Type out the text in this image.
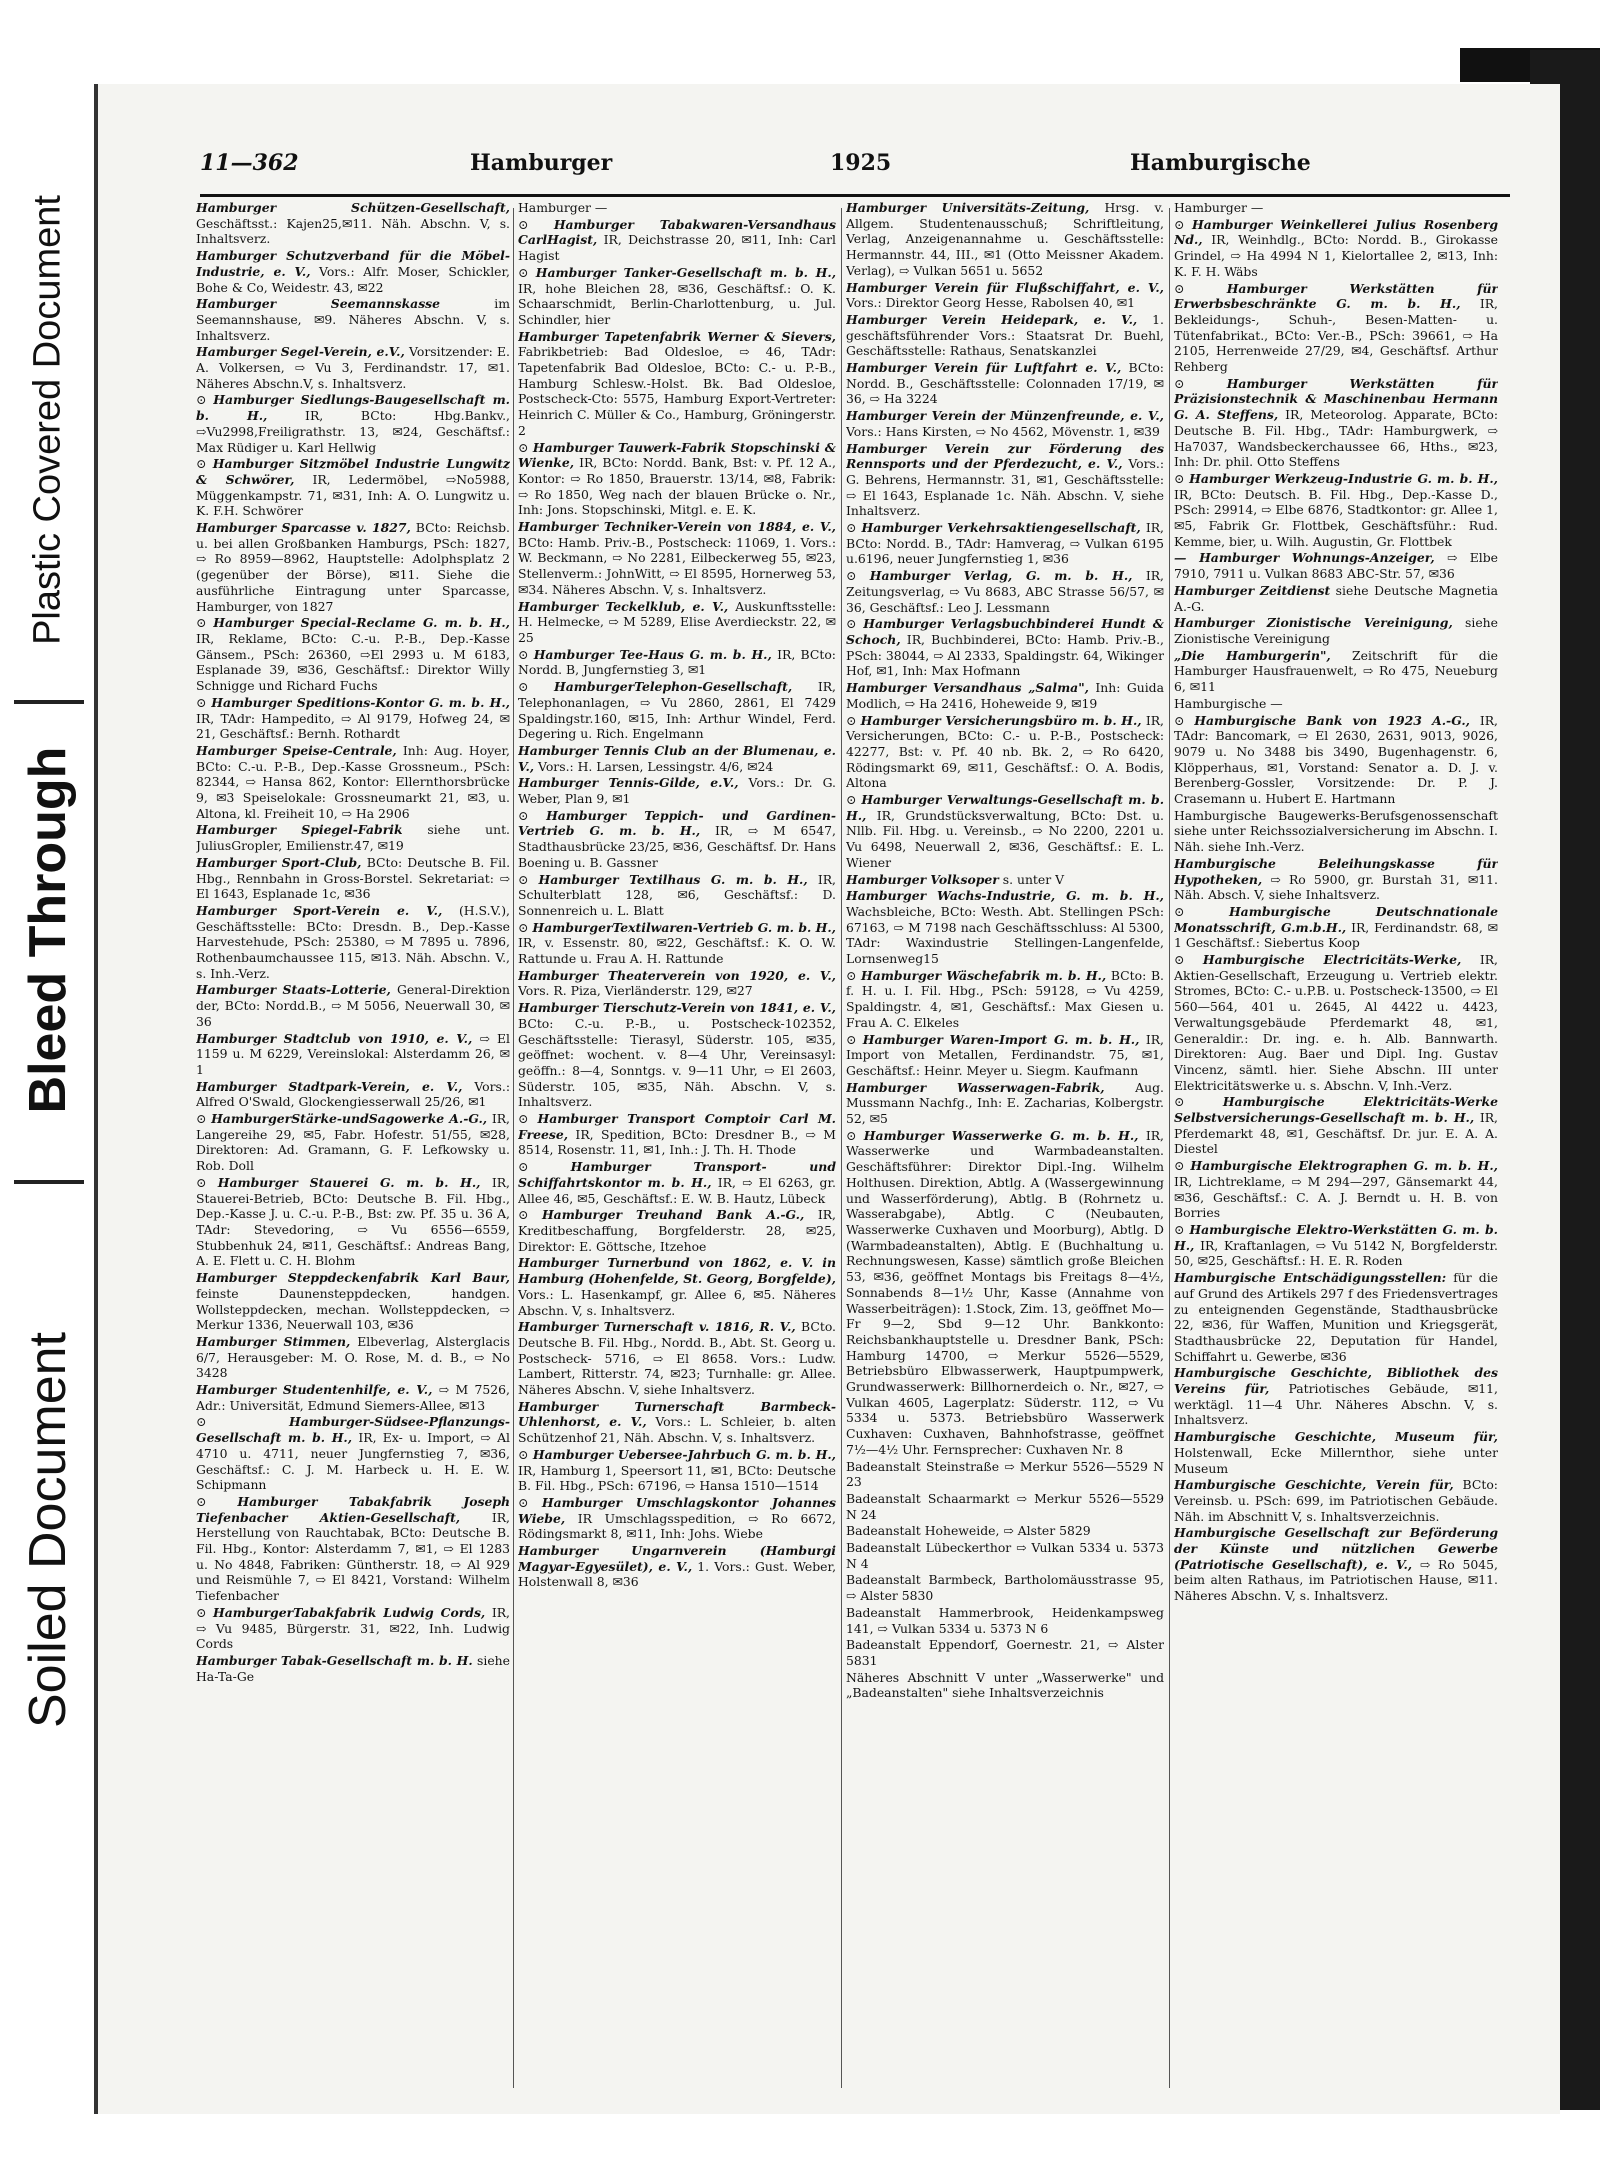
Plastic Covered Document
Bleed Through
Soiled Document
11—362	Hamburger	1925	Hamburgische
Hamburger Schützen-Gesellschaft, Geschäftsst.: Kajen25,✉11. Näh. Abschn. V, s. Inhaltsverz.
Hamburger Schutzverband für die Möbel-Industrie, e. V., Vors.: Alfr. Moser, Schickler, Bohe & Co, Weidestr. 43, ✉22
Hamburger Seemannskasse im Seemannshause, ✉9. Näheres Abschn. V, s. Inhaltsverz.
Hamburger Segel-Verein, e.V., Vorsitzender: E. A. Volkersen, ⇨ Vu 3, Ferdinandstr. 17, ✉1. Näheres Abschn.V, s. Inhaltsverz.
⊙ Hamburger Siedlungs-Baugesellschaft m. b. H., IR, BCto: Hbg.Bankv., ⇨Vu2998,Freiligrathstr. 13, ✉24, Geschäftsf.: Max Rüdiger u. Karl Hellwig
⊙ Hamburger Sitzmöbel Industrie Lungwitz & Schwörer, IR, Ledermöbel, ⇨No5988, Müggenkampstr. 71, ✉31, Inh: A. O. Lungwitz u. K. F.H. Schwörer
Hamburger Sparcasse v. 1827, BCto: Reichsb. u. bei allen Großbanken Hamburgs, PSch: 1827, ⇨ Ro 8959—8962, Hauptstelle: Adolphsplatz 2 (gegenüber der Börse), ✉11. Siehe die ausführliche Eintragung unter Sparcasse, Hamburger, von 1827
⊙ Hamburger Special-Reclame G. m. b. H., IR, Reklame, BCto: C.-u. P.-B., Dep.-Kasse Gänsem., PSch: 26360, ⇨El 2993 u. M 6183, Esplanade 39, ✉36, Geschäftsf.: Direktor Willy Schnigge und Richard Fuchs
⊙ Hamburger Speditions-Kontor G. m. b. H., IR, TAdr: Hampedito, ⇨ Al 9179, Hofweg 24, ✉21, Geschäftsf.: Bernh. Rothardt
Hamburger Speise-Centrale, Inh: Aug. Hoyer, BCto: C.-u. P.-B., Dep.-Kasse Grossneum., PSch: 82344, ⇨ Hansa 862, Kontor: Ellernthorsbrücke 9, ✉3 Speiselokale: Grossneumarkt 21, ✉3, u. Altona, kl. Freiheit 10, ⇨ Ha 2906
Hamburger Spiegel-Fabrik siehe unt. JuliusGropler, Emilienstr.47, ✉19
Hamburger Sport-Club, BCto: Deutsche B. Fil. Hbg., Rennbahn in Gross-Borstel. Sekretariat: ⇨ El 1643, Esplanade 1c, ✉36
Hamburger Sport-Verein e. V., (H.S.V.), Geschäftsstelle: BCto: Dresdn. B., Dep.-Kasse Harvestehude, PSch: 25380, ⇨ M 7895 u. 7896, Rothenbaumchaussee 115, ✉13. Näh. Abschn. V., s. Inh.-Verz.
Hamburger Staats-Lotterie, General-Direktion der, BCto: Nordd.B., ⇨ M 5056, Neuerwall 30, ✉36
Hamburger Stadtclub von 1910, e. V., ⇨ El 1159 u. M 6229, Vereinslokal: Alsterdamm 26, ✉1
Hamburger Stadtpark-Verein, e. V., Vors.: Alfred O'Swald, Glockengiesserwall 25/26, ✉1
⊙ HamburgerStärke-undSagowerke A.-G., IR, Langereihe 29, ✉5, Fabr. Hofestr. 51/55, ✉28, Direktoren: Ad. Gramann, G. F. Lefkowsky u. Rob. Doll
⊙ Hamburger Stauerei G. m. b. H., IR, Stauerei-Betrieb, BCto: Deutsche B. Fil. Hbg., Dep.-Kasse J. u. C.-u. P.-B., Bst: zw. Pf. 35 u. 36 A, TAdr: Stevedoring, ⇨ Vu 6556—6559, Stubbenhuk 24, ✉11, Geschäftsf.: Andreas Bang, A. E. Flett u. C. H. Blohm
Hamburger Steppdeckenfabrik Karl Baur, feinste Daunensteppdecken, handgen. Wollsteppdecken, mechan. Wollsteppdecken, ⇨ Merkur 1336, Neuerwall 103, ✉36
Hamburger Stimmen, Elbeverlag, Alsterglacis 6/7, Herausgeber: M. O. Rose, M. d. B., ⇨ No 3428
Hamburger Studentenhilfe, e. V., ⇨ M 7526, Adr.: Universität, Edmund Siemers-Allee, ✉13
⊙ Hamburger-Südsee-Pflanzungs-Gesellschaft m. b. H., IR, Ex- u. Import, ⇨ Al 4710 u. 4711, neuer Jungfernstieg 7, ✉36, Geschäftsf.: C. J. M. Harbeck u. H. E. W. Schipmann
⊙ Hamburger Tabakfabrik Joseph Tiefenbacher Aktien-Gesellschaft, IR, Herstellung von Rauchtabak, BCto: Deutsche B. Fil. Hbg., Kontor: Alsterdamm 7, ✉1, ⇨ El 1283 u. No 4848, Fabriken: Güntherstr. 18, ⇨ Al 929 und Reismühle 7, ⇨ El 8421, Vorstand: Wilhelm Tiefenbacher
⊙ HamburgerTabakfabrik Ludwig Cords, IR, ⇨ Vu 9485, Bürgerstr. 31, ✉22, Inh. Ludwig Cords
Hamburger Tabak-Gesellschaft m. b. H. siehe Ha-Ta-Ge
Hamburger —
⊙ Hamburger Tabakwaren-Versandhaus CarlHagist, IR, Deichstrasse 20, ✉11, Inh: Carl Hagist
⊙ Hamburger Tanker-Gesellschaft m. b. H., IR, hohe Bleichen 28, ✉36, Geschäftsf.: O. K. Schaarschmidt, Berlin-Charlottenburg, u. Jul. Schindler, hier
Hamburger Tapetenfabrik Werner & Sievers, Fabrikbetrieb: Bad Oldesloe, ⇨ 46, TAdr: Tapetenfabrik Bad Oldesloe, BCto: C.- u. P.-B., Hamburg Schlesw.-Holst. Bk. Bad Oldesloe, Postscheck-Cto: 5575, Hamburg Export-Vertreter: Heinrich C. Müller & Co., Hamburg, Gröningerstr. 2
⊙ Hamburger Tauwerk-Fabrik Stopschinski & Wienke, IR, BCto: Nordd. Bank, Bst: v. Pf. 12 A., Kontor: ⇨ Ro 1850, Brauerstr. 13/14, ✉8, Fabrik: ⇨ Ro 1850, Weg nach der blauen Brücke o. Nr., Inh: Jons. Stopschinski, Mitgl. e. E. K.
Hamburger Techniker-Verein von 1884, e. V., BCto: Hamb. Priv.-B., Postscheck: 11069, 1. Vors.: W. Beckmann, ⇨ No 2281, Eilbeckerweg 55, ✉23, Stellenverm.: JohnWitt, ⇨ El 8595, Hornerweg 53, ✉34. Näheres Abschn. V, s. Inhaltsverz.
Hamburger Teckelklub, e. V., Auskunftsstelle: H. Helmecke, ⇨ M 5289, Elise Averdieckstr. 22, ✉25
⊙ Hamburger Tee-Haus G. m. b. H., IR, BCto: Nordd. B, Jungfernstieg 3, ✉1
⊙ HamburgerTelephon-Gesellschaft, IR, Telephonanlagen, ⇨ Vu 2860, 2861, El 7429 Spaldingstr.160, ✉15, Inh: Arthur Windel, Ferd. Degering u. Rich. Engelmann
Hamburger Tennis Club an der Blumenau, e. V., Vors.: H. Larsen, Lessingstr. 4/6, ✉24
Hamburger Tennis-Gilde, e.V., Vors.: Dr. G. Weber, Plan 9, ✉1
⊙ Hamburger Teppich- und Gardinen-Vertrieb G. m. b. H., IR, ⇨ M 6547, Stadthausbrücke 23/25, ✉36, Geschäftsf. Dr. Hans Boening u. B. Gassner
⊙ Hamburger Textilhaus G. m. b. H., IR, Schulterblatt 128, ✉6, Geschäftsf.: D. Sonnenreich u. L. Blatt
⊙ HamburgerTextilwaren-Vertrieb G. m. b. H., IR, v. Essenstr. 80, ✉22, Geschäftsf.: K. O. W. Rattunde u. Frau A. H. Rattunde
Hamburger Theaterverein von 1920, e. V., Vors. R. Piza, Vierländerstr. 129, ✉27
Hamburger Tierschutz-Verein von 1841, e. V., BCto: C.-u. P.-B., u. Postscheck-102352, Geschäftsstelle: Tierasyl, Süderstr. 105, ✉35, geöffnet: wochent. v. 8—4 Uhr, Vereinsasyl: geöffn.: 8—4, Sonntgs. v. 9—11 Uhr, ⇨ El 2603, Süderstr. 105, ✉35, Näh. Abschn. V, s. Inhaltsverz.
⊙ Hamburger Transport Comptoir Carl M. Freese, IR, Spedition, BCto: Dresdner B., ⇨ M 8514, Rosenstr. 11, ✉1, Inh.: J. Th. H. Thode
⊙ Hamburger Transport- und Schiffahrtskontor m. b. H., IR, ⇨ El 6263, gr. Allee 46, ✉5, Geschäftsf.: E. W. B. Hautz, Lübeck
⊙ Hamburger Treuhand Bank A.-G., IR, Kreditbeschaffung, Borgfelderstr. 28, ✉25, Direktor: E. Göttsche, Itzehoe
Hamburger Turnerbund von 1862, e. V. in Hamburg (Hohenfelde, St. Georg, Borgfelde), Vors.: L. Hasenkampf, gr. Allee 6, ✉5. Näheres Abschn. V, s. Inhaltsverz.
Hamburger Turnerschaft v. 1816, R. V., BCto. Deutsche B. Fil. Hbg., Nordd. B., Abt. St. Georg u. Postscheck- 5716, ⇨ El 8658. Vors.: Ludw. Lambert, Ritterstr. 74, ✉23; Turnhalle: gr. Allee. Näheres Abschn. V, siehe Inhaltsverz.
Hamburger Turnerschaft Barmbeck-Uhlenhorst, e. V., Vors.: L. Schleier, b. alten Schützenhof 21, Näh. Abschn. V, s. Inhaltsverz.
⊙ Hamburger Uebersee-Jahrbuch G. m. b. H., IR, Hamburg 1, Speersort 11, ✉1, BCto: Deutsche B. Fil. Hbg., PSch: 67196, ⇨ Hansa 1510—1514
⊙ Hamburger Umschlagskontor Johannes Wiebe, IR Umschlagsspedition, ⇨ Ro 6672, Rödingsmarkt 8, ✉11, Inh: Johs. Wiebe
Hamburger Ungarnverein (Hamburgi Magyar-Egyesület), e. V., 1. Vors.: Gust. Weber, Holstenwall 8, ✉36
Hamburger Universitäts-Zeitung, Hrsg. v. Allgem. Studentenausschuß; Schriftleitung, Verlag, Anzeigenannahme u. Geschäftsstelle: Hermannstr. 44, III., ✉1 (Otto Meissner Akadem. Verlag), ⇨ Vulkan 5651 u. 5652
Hamburger Verein für Flußschiffahrt, e. V., Vors.: Direktor Georg Hesse, Rabolsen 40, ✉1
Hamburger Verein Heidepark, e. V., 1. geschäftsführender Vors.: Staatsrat Dr. Buehl, Geschäftsstelle: Rathaus, Senatskanzlei
Hamburger Verein für Luftfahrt e. V., BCto: Nordd. B., Geschäftsstelle: Colonnaden 17/19, ✉36, ⇨ Ha 3224
Hamburger Verein der Münzenfreunde, e. V., Vors.: Hans Kirsten, ⇨ No 4562, Mövenstr. 1, ✉39
Hamburger Verein zur Förderung des Rennsports und der Pferdezucht, e. V., Vors.: G. Behrens, Hermannstr. 31, ✉1, Geschäftsstelle: ⇨ El 1643, Esplanade 1c. Näh. Abschn. V, siehe Inhaltsverz.
⊙ Hamburger Verkehrsaktiengesellschaft, IR, BCto: Nordd. B., TAdr: Hamverag, ⇨ Vulkan 6195 u.6196, neuer Jungfernstieg 1, ✉36
⊙ Hamburger Verlag, G. m. b. H., IR, Zeitungsverlag, ⇨ Vu 8683, ABC Strasse 56/57, ✉36, Geschäftsf.: Leo J. Lessmann
⊙ Hamburger Verlagsbuchbinderei Hundt & Schoch, IR, Buchbinderei, BCto: Hamb. Priv.-B., PSch: 38044, ⇨ Al 2333, Spaldingstr. 64, Wikinger Hof, ✉1, Inh: Max Hofmann
Hamburger Versandhaus „Salma", Inh: Guida Modlich, ⇨ Ha 2416, Hoheweide 9, ✉19
⊙ Hamburger Versicherungsbüro m. b. H., IR, Versicherungen, BCto: C.- u. P.-B., Postscheck: 42277, Bst: v. Pf. 40 nb. Bk. 2, ⇨ Ro 6420, Rödingsmarkt 69, ✉11, Geschäftsf.: O. A. Bodis, Altona
⊙ Hamburger Verwaltungs-Gesellschaft m. b. H., IR, Grundstücksverwaltung, BCto: Dst. u. Nllb. Fil. Hbg. u. Vereinsb., ⇨ No 2200, 2201 u. Vu 6498, Neuerwall 2, ✉36, Geschäftsf.: E. L. Wiener
Hamburger Volksoper s. unter V
Hamburger Wachs-Industrie, G. m. b. H., Wachsbleiche, BCto: Westh. Abt. Stellingen PSch: 67163, ⇨ M 7198 nach Geschäftsschluss: Al 5300, TAdr: Waxindustrie Stellingen-Langenfelde, Lornsenweg15
⊙ Hamburger Wäschefabrik m. b. H., BCto: B. f. H. u. I. Fil. Hbg., PSch: 59128, ⇨ Vu 4259, Spaldingstr. 4, ✉1, Geschäftsf.: Max Giesen u. Frau A. C. Elkeles
⊙ Hamburger Waren-Import G. m. b. H., IR, Import von Metallen, Ferdinandstr. 75, ✉1, Geschäftsf.: Heinr. Meyer u. Siegm. Kaufmann
Hamburger Wasserwagen-Fabrik, Aug. Mussmann Nachfg., Inh: E. Zacharias, Kolbergstr. 52, ✉5
⊙ Hamburger Wasserwerke G. m. b. H., IR, Wasserwerke und Warmbadeanstalten. Geschäftsführer: Direktor Dipl.-Ing. Wilhelm Holthusen. Direktion, Abtlg. A (Wassergewinnung und Wasserförderung), Abtlg. B (Rohrnetz u. Wasserabgabe), Abtlg. C (Neubauten, Wasserwerke Cuxhaven und Moorburg), Abtlg. D (Warmbadeanstalten), Abtlg. E (Buchhaltung u. Rechnungswesen, Kasse) sämtlich große Bleichen 53, ✉36, geöffnet Montags bis Freitags 8—4½, Sonnabends 8—1½ Uhr, Kasse (Annahme von Wasserbeiträgen): 1.Stock, Zim. 13, geöffnet Mo—Fr 9—2, Sbd 9—12 Uhr. Bankkonto: Reichsbankhauptstelle u. Dresdner Bank, PSch: Hamburg 14700, ⇨ Merkur 5526—5529, Betriebsbüro Elbwasserwerk, Hauptpumpwerk, Grundwasserwerk: Billhornerdeich o. Nr., ✉27, ⇨ Vulkan 4605, Lagerplatz: Süderstr. 112, ⇨ Vu 5334 u. 5373. Betriebsbüro Wasserwerk Cuxhaven: Cuxhaven, Bahnhofstrasse, geöffnet 7½—4½ Uhr. Fernsprecher: Cuxhaven Nr. 8
Badeanstalt Steinstraße ⇨ Merkur 5526—5529 N 23
Badeanstalt Schaarmarkt ⇨ Merkur 5526—5529 N 24
Badeanstalt Hoheweide, ⇨ Alster 5829
Badeanstalt Lübeckerthor ⇨ Vulkan 5334 u. 5373 N 4
Badeanstalt Barmbeck, Bartholomäusstrasse 95, ⇨ Alster 5830
Badeanstalt Hammerbrook, Heidenkampsweg 141, ⇨ Vulkan 5334 u. 5373 N 6
Badeanstalt Eppendorf, Goernestr. 21, ⇨ Alster 5831
Näheres Abschnitt V unter „Wasserwerke" und „Badeanstalten" siehe Inhaltsverzeichnis
Hamburger —
⊙ Hamburger Weinkellerei Julius Rosenberg Nd., IR, Weinhdlg., BCto: Nordd. B., Girokasse Grindel, ⇨ Ha 4994 N 1, Kielortallee 2, ✉13, Inh: K. F. H. Wäbs
⊙ Hamburger Werkstätten für Erwerbsbeschränkte G. m. b. H., IR, Bekleidungs-, Schuh-, Besen-Matten- u. Tütenfabrikat., BCto: Ver.-B., PSch: 39661, ⇨ Ha 2105, Herrenweide 27/29, ✉4, Geschäftsf. Arthur Rehberg
⊙ Hamburger Werkstätten für Präzisionstechnik & Maschinenbau Hermann G. A. Steffens, IR, Meteorolog. Apparate, BCto: Deutsche B. Fil. Hbg., TAdr: Hamburgwerk, ⇨ Ha7037, Wandsbeckerchaussee 66, Hths., ✉23, Inh: Dr. phil. Otto Steffens
⊙ Hamburger Werkzeug-Industrie G. m. b. H., IR, BCto: Deutsch. B. Fil. Hbg., Dep.-Kasse D., PSch: 29914, ⇨ Elbe 6876, Stadtkontor: gr. Allee 1, ✉5, Fabrik Gr. Flottbek, Geschäftsführ.: Rud. Kemme, bier, u. Wilh. Augustin, Gr. Flottbek
— Hamburger Wohnungs-Anzeiger, ⇨ Elbe 7910, 7911 u. Vulkan 8683 ABC-Str. 57, ✉36
Hamburger Zeitdienst siehe Deutsche Magnetia A.-G.
Hamburger Zionistische Vereinigung, siehe Zionistische Vereinigung
„Die Hamburgerin", Zeitschrift für die Hamburger Hausfrauenwelt, ⇨ Ro 475, Neueburg 6, ✉11
Hamburgische —
⊙ Hamburgische Bank von 1923 A.-G., IR, TAdr: Bancomark, ⇨ El 2630, 2631, 9013, 9026, 9079 u. No 3488 bis 3490, Bugenhagenstr. 6, Klöpperhaus, ✉1, Vorstand: Senator a. D. J. v. Berenberg-Gossler, Vorsitzende: Dr. P. J. Crasemann u. Hubert E. Hartmann
Hamburgische Baugewerks-Berufsgenossenschaft siehe unter Reichssozialversicherung im Abschn. I. Näh. siehe Inh.-Verz.
Hamburgische Beleihungskasse für Hypotheken, ⇨ Ro 5900, gr. Burstah 31, ✉11. Näh. Absch. V, siehe Inhaltsverz.
⊙ Hamburgische Deutschnationale Monatsschrift, G.m.b.H., IR, Ferdinandstr. 68, ✉1 Geschäftsf.: Siebertus Koop
⊙ Hamburgische Electricitäts-Werke, IR, Aktien-Gesellschaft, Erzeugung u. Vertrieb elektr. Stromes, BCto: C.- u.P.B. u. Postscheck-13500, ⇨ El 560—564, 401 u. 2645, Al 4422 u. 4423, Verwaltungsgebäude Pferdemarkt 48, ✉1, Generaldir.: Dr. ing. e. h. Alb. Bannwarth. Direktoren: Aug. Baer und Dipl. Ing. Gustav Vincenz, sämtl. hier. Siehe Abschn. III unter Elektricitätswerke u. s. Abschn. V, Inh.-Verz.
⊙ Hamburgische Elektricitäts-Werke Selbstversicherungs-Gesellschaft m. b. H., IR, Pferdemarkt 48, ✉1, Geschäftsf. Dr. jur. E. A. A. Diestel
⊙ Hamburgische Elektrographen G. m. b. H., IR, Lichtreklame, ⇨ M 294—297, Gänsemarkt 44, ✉36, Geschäftsf.: C. A. J. Berndt u. H. B. von Borries
⊙ Hamburgische Elektro-Werkstätten G. m. b. H., IR, Kraftanlagen, ⇨ Vu 5142 N, Borgfelderstr. 50, ✉25, Geschäftsf.: H. E. R. Roden
Hamburgische Entschädigungsstellen: für die auf Grund des Artikels 297 f des Friedensvertrages zu enteignenden Gegenstände, Stadthausbrücke 22, ✉36, für Waffen, Munition und Kriegsgerät, Stadthausbrücke 22, Deputation für Handel, Schiffahrt u. Gewerbe, ✉36
Hamburgische Geschichte, Bibliothek des Vereins für, Patriotisches Gebäude, ✉11, werktägl. 11—4 Uhr. Näheres Abschn. V, s. Inhaltsverz.
Hamburgische Geschichte, Museum für, Holstenwall, Ecke Millernthor, siehe unter Museum
Hamburgische Geschichte, Verein für, BCto: Vereinsb. u. PSch: 699, im Patriotischen Gebäude. Näh. im Abschnitt V, s. Inhaltsverzeichnis.
Hamburgische Gesellschaft zur Beförderung der Künste und nützlichen Gewerbe (Patriotische Gesellschaft), e. V., ⇨ Ro 5045, beim alten Rathaus, im Patriotischen Hause, ✉11. Näheres Abschn. V, s. Inhaltsverz.
